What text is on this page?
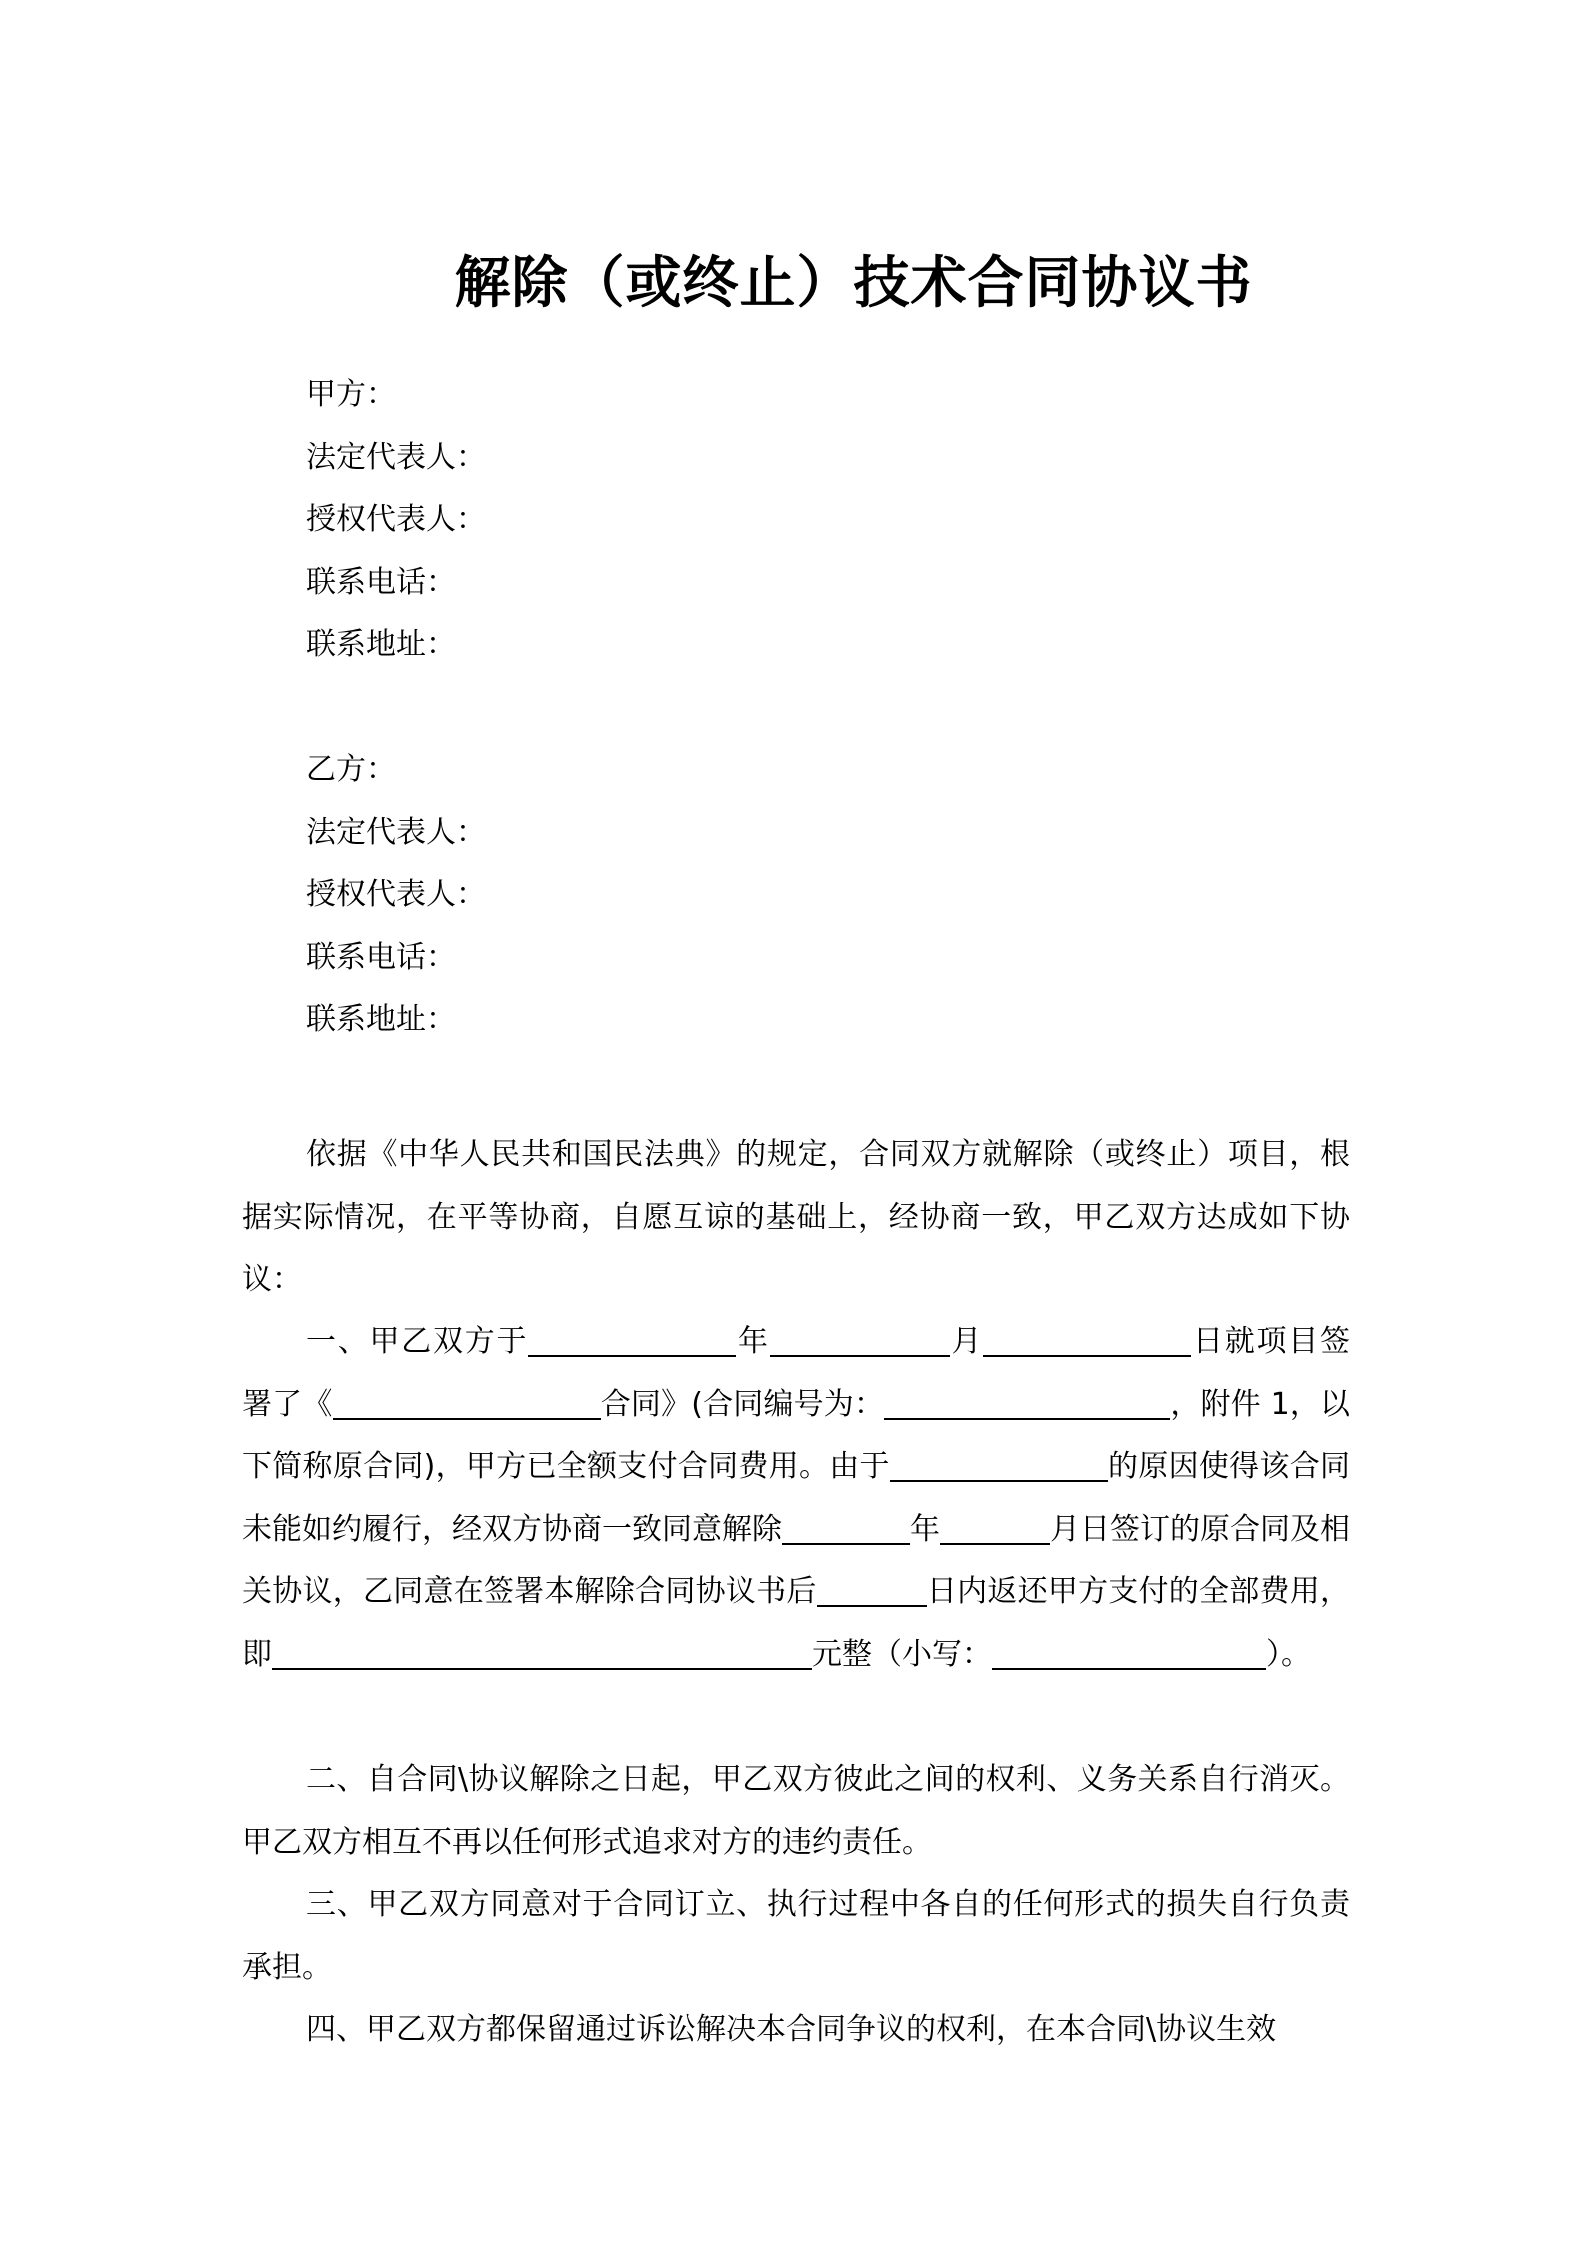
解除（或终止）技术合同协议书
甲方：
法定代表人：
授权代表人：
联系电话：
联系地址：
乙方：
法定代表人：
授权代表人：
联系电话：
联系地址：
依据《中华人民共和国民法典》的规定，合同双方就解除（或终止）项目，根据实际情况，在平等协商，自愿互谅的基础上，经协商一致，甲乙双方达成如下协议：
一、甲乙双方于	年	月	日就项目签署了《	合同》(合同编号为：	，附件 1，以下简称原合同)，甲方已全额支付合同费用。由于	的原因使得该合同未能如约履行，经双方协商一致同意解除	年	月日签订的原合同及相关协议，乙同意在签署本解除合同协议书后	日内返还甲方支付的全部费用，即	元整（小写：	）。
二、自合同\协议解除之日起，甲乙双方彼此之间的权利、义务关系自行消灭。甲乙双方相互不再以任何形式追求对方的违约责任。
三、甲乙双方同意对于合同订立、执行过程中各自的任何形式的损失自行负责承担。
四、甲乙双方都保留通过诉讼解决本合同争议的权利，在本合同\协议生效
